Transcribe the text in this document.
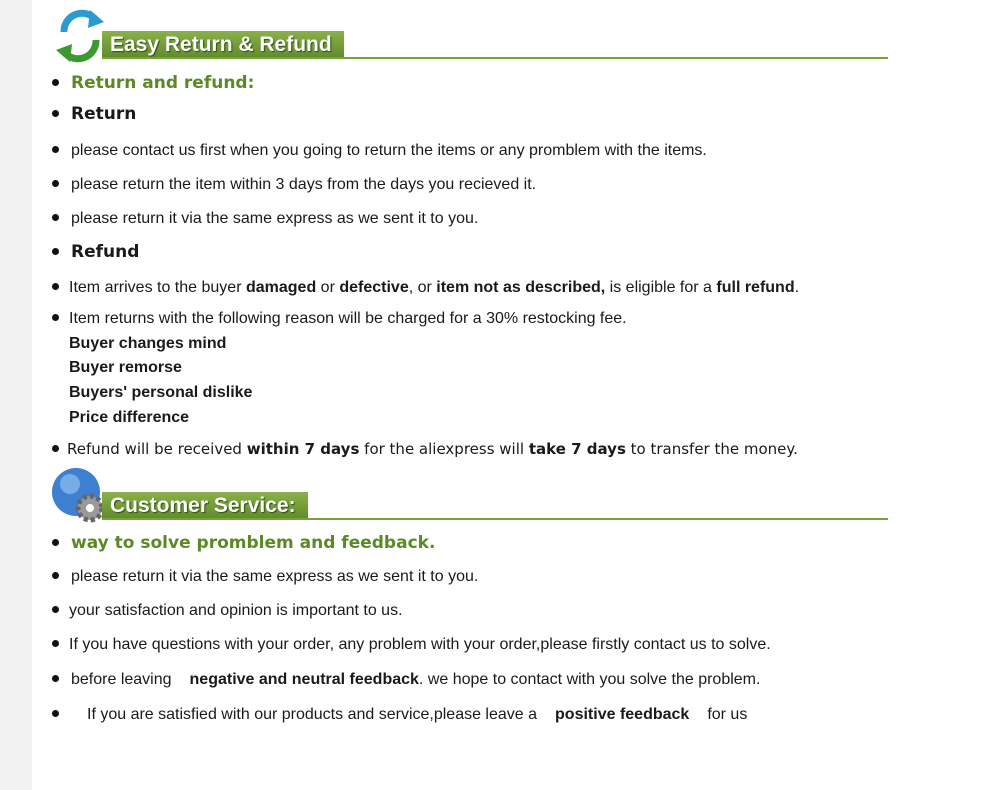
Easy Return & Refund
Return and refund:
Return
please contact us first when you going to return the items or any promblem with the items.
please return the item within 3 days from the days you recieved it.
please return it via the same express as we sent it to you.
Refund
Item arrives to the buyer damaged or defective, or item not as described, is eligible for a full refund.
Item returns with the following reason will be charged for a 30% restocking fee.
Buyer changes mind
Buyer remorse
Buyers' personal dislike
Price difference
Refund will be received within 7 days for the aliexpress will take 7 days to transfer the money.
Customer Service:
way to solve promblem and feedback.
please return it via the same express as we sent it to you.
your satisfaction and opinion is important to us.
If you have questions with your order, any problem with your order,please firstly contact us to solve.
before leaving negative and neutral feedback. we hope to contact with you solve the problem.
If you are satisfied with our products and service,please leave a positive feedback for us
